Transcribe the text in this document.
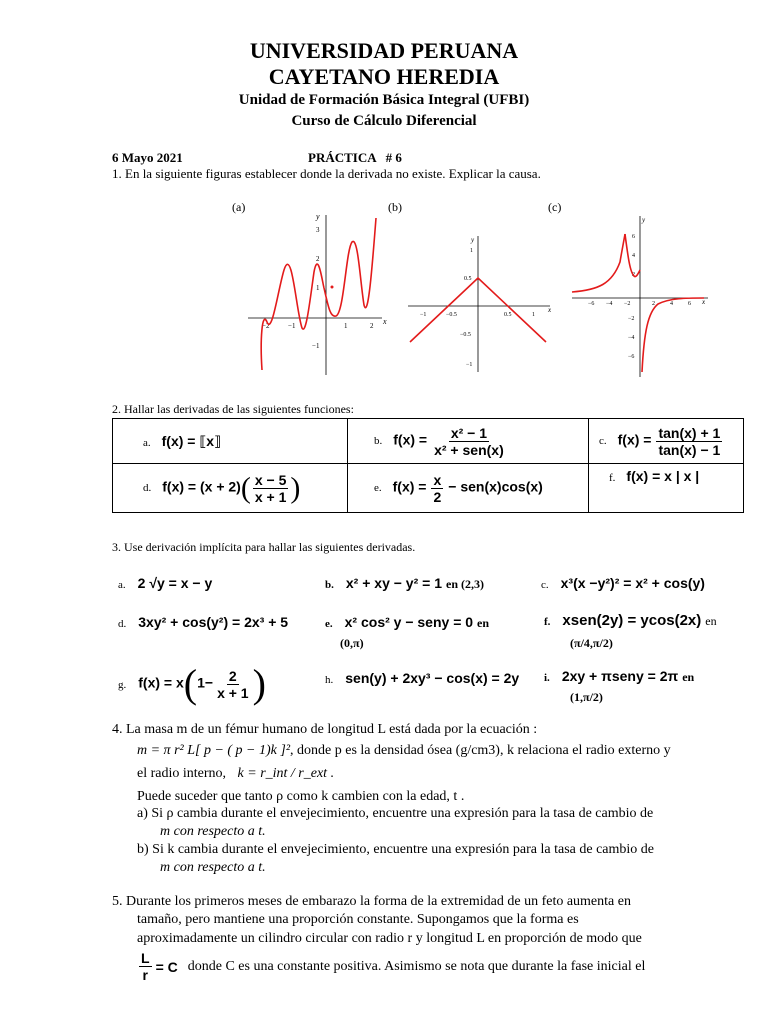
UNIVERSIDAD PERUANA
CAYETANO HEREDIA
Unidad de Formación Básica Integral (UFBI)
Curso de Cálculo Diferencial
6 Mayo 2021	PRÁCTICA   # 6
1. En la siguiente figuras establecer donde la derivada no existe. Explicar la causa.
(a)
y
x
−2	−1	1	2
3
2
1
−1
(b)
y
x
−1	−0.5	0.5	1
1
0.5
−0.5
−1
(c)
y
x
−6 −4 −2	2	4	6
6
4
2
−2
−4
−6
2. Hallar las derivadas de las siguientes funciones:
a. f(x) = ⟦x⟧	b. $f(x) = \frac{\text{x² − 1}}{\text{x² + sen(x)}}$	c. $f(x) = \frac{\tan(x) + 1}{\tan(x) - 1}$

d. $f(x) = (x + 2)( \frac{x - 5}{x + 1}$ )	e. $f(x) = \frac{x}{2} - sen(x)\cos(x)$	f. f(x) = x | x |
3. Use derivación implícita para hallar las siguientes derivadas.
a. 2 √y = x − y	b. x² + xy − y² = 1 en (2,3)	c. x³(x −y²)² = x² + cos(y)
d. 3xy² + cos(y²) = 2x³ + 5	e. x² cos² y − seny = 0 en
(0,π)
f. xsen(2y) = ycos(2x) en
(π/4,π/2)
g. $f(x) = x(1- \frac{2}{x + 1}$ )	h. sen(y) + 2xy³ − cos(x) = 2y i. 2xy + πseny = 2π en
(1,π/2)
4. La masa m de un fémur humano de longitud L está dada por la ecuación :
m = π r² L[ p − ( p − 1)k ]², donde p es la densidad ósea (g/cm3), k relaciona el radio externo y
el radio interno, k = r_int / r_ext .
Puede suceder que tanto ρ como k cambien con la edad, t .
a) Si ρ cambia durante el envejecimiento, encuentre una expresión para la tasa de cambio de
m con respecto a t.
b) Si k cambia durante el envejecimiento, encuentre una expresión para la tasa de cambio de
m con respecto a t.
5. Durante los primeros meses de embarazo la forma de la extremidad de un feto aumenta en
tamaño, pero mantiene una proporción constante. Supongamos que la forma es
aproximadamente un cilindro circular con radio r y longitud L en proporción de modo que
$\frac{L}{r} = C$ donde C es una constante positiva. Asimismo se nota que durante la fase inicial el
